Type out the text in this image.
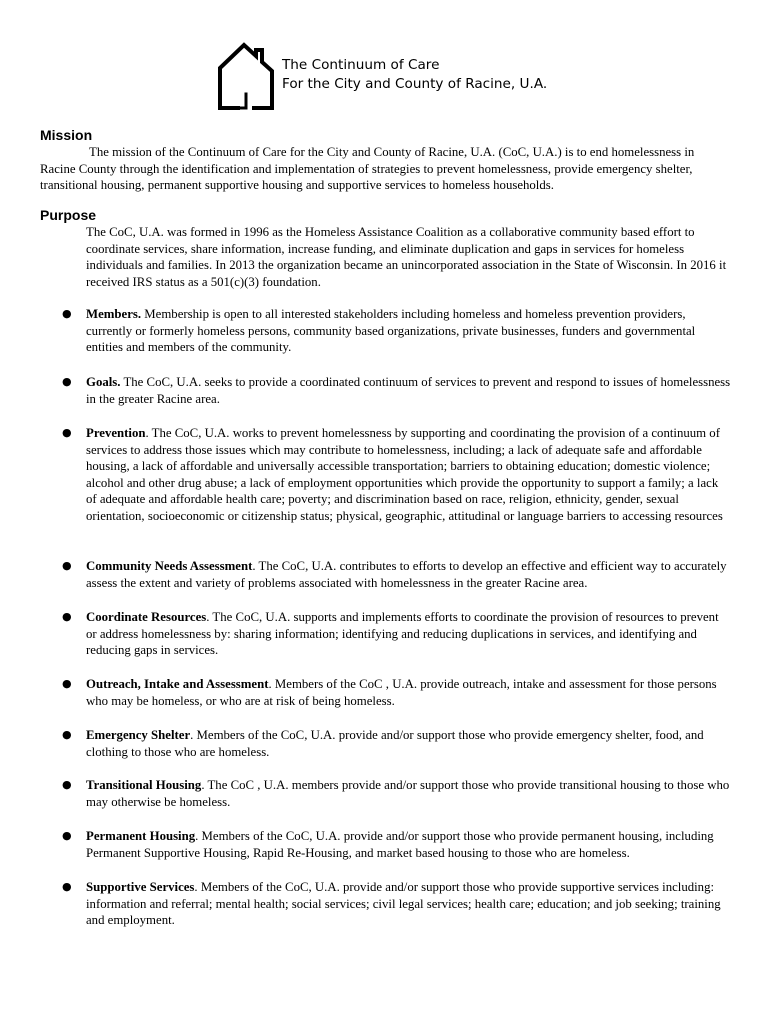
The Continuum of Care
For the City and County of Racine, U.A.
Mission

The mission of the Continuum of Care for the City and County of Racine, U.A. (CoC, U.A.) is to end homelessness in Racine County through the identification and implementation of strategies to prevent homelessness, provide emergency shelter, transitional housing, permanent supportive housing and supportive services to homeless households.

Purpose

The CoC, U.A. was formed in 1996 as the Homeless Assistance Coalition as a collaborative community based effort to coordinate services, share information, increase funding, and eliminate duplication and gaps in services for homeless individuals and families. In 2013 the organization became an unincorporated association in the State of Wisconsin. In 2016 it received IRS status as a 501(c)(3) foundation.

● Members. Membership is open to all interested stakeholders including homeless and homeless prevention providers, currently or formerly homeless persons, community based organizations, private businesses, funders and governmental entities and members of the community.
● Goals. The CoC, U.A. seeks to provide a coordinated continuum of services to prevent and respond to issues of homelessness in the greater Racine area.
● Prevention. The CoC, U.A. works to prevent homelessness by supporting and coordinating the provision of a continuum of services to address those issues which may contribute to homelessness, including; a lack of adequate safe and affordable housing, a lack of affordable and universally accessible transportation; barriers to obtaining education; domestic violence; alcohol and other drug abuse; a lack of employment opportunities which provide the opportunity to support a family; a lack of adequate and affordable health care; poverty; and discrimination based on race, religion, ethnicity, gender, sexual orientation, socioeconomic or citizenship status; physical, geographic, attitudinal or language barriers to accessing resources
● Community Needs Assessment. The CoC, U.A. contributes to efforts to develop an effective and efficient way to accurately assess the extent and variety of problems associated with homelessness in the greater Racine area.
● Coordinate Resources. The CoC, U.A. supports and implements efforts to coordinate the provision of resources to prevent or address homelessness by: sharing information; identifying and reducing duplications in services, and identifying and reducing gaps in services.
● Outreach, Intake and Assessment. Members of the CoC , U.A. provide outreach, intake and assessment for those persons who may be homeless, or who are at risk of being homeless.
● Emergency Shelter. Members of the CoC, U.A. provide and/or support those who provide emergency shelter, food, and clothing to those who are homeless.
● Transitional Housing. The CoC , U.A. members provide and/or support those who provide transitional housing to those who may otherwise be homeless.
● Permanent Housing. Members of the CoC, U.A. provide and/or support those who provide permanent housing, including Permanent Supportive Housing, Rapid Re-Housing, and market based housing to those who are homeless.
● Supportive Services. Members of the CoC, U.A. provide and/or support those who provide supportive services including: information and referral; mental health; social services; civil legal services; health care; education; and job seeking; training and employment.
